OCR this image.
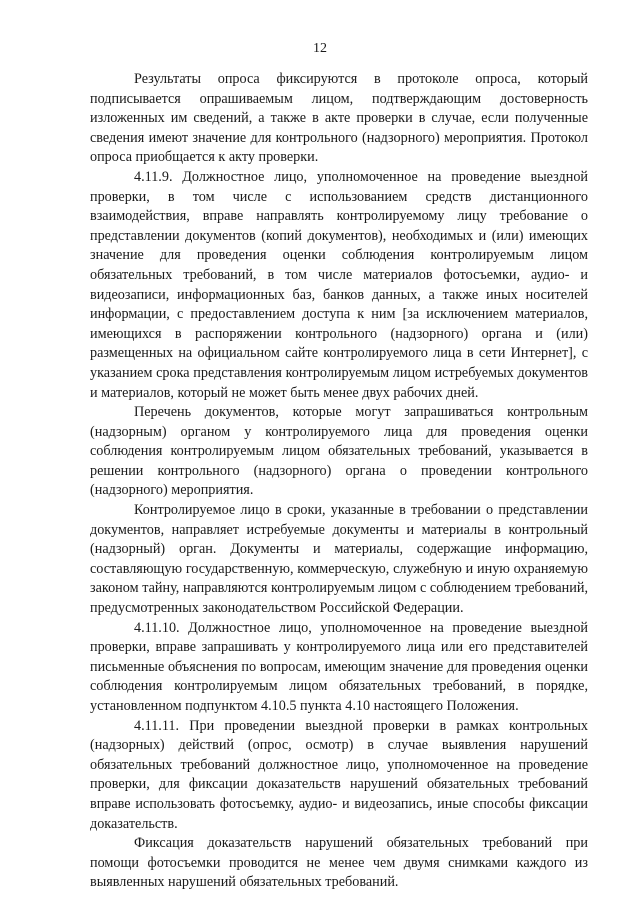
12

Результаты опроса фиксируются в протоколе опроса, который подписывается опрашиваемым лицом, подтверждающим достоверность изложенных им сведений, а также в акте проверки в случае, если полученные сведения имеют значение для контрольного (надзорного) мероприятия. Протокол опроса приобщается к акту проверки.

4.11.9. Должностное лицо, уполномоченное на проведение выездной проверки, в том числе с использованием средств дистанционного взаимодействия, вправе направлять контролируемому лицу требование о представлении документов (копий документов), необходимых и (или) имеющих значение для проведения оценки соблюдения контролируемым лицом обязательных требований, в том числе материалов фотосъемки, аудио- и видеозаписи, информационных баз, банков данных, а также иных носителей информации, с предоставлением доступа к ним [за исключением материалов, имеющихся в распоряжении контрольного (надзорного) органа и (или) размещенных на официальном сайте контролируемого лица в сети Интернет], с указанием срока представления контролируемым лицом истребуемых документов и материалов, который не может быть менее двух рабочих дней.

Перечень документов, которые могут запрашиваться контрольным (надзорным) органом у контролируемого лица для проведения оценки соблюдения контролируемым лицом обязательных требований, указывается в решении контрольного (надзорного) органа о проведении контрольного (надзорного) мероприятия.

Контролируемое лицо в сроки, указанные в требовании о представлении документов, направляет истребуемые документы и материалы в контрольный (надзорный) орган. Документы и материалы, содержащие информацию, составляющую государственную, коммерческую, служебную и иную охраняемую законом тайну, направляются контролируемым лицом с соблюдением требований, предусмотренных законодательством Российской Федерации.

4.11.10. Должностное лицо, уполномоченное на проведение выездной проверки, вправе запрашивать у контролируемого лица или его представителей письменные объяснения по вопросам, имеющим значение для проведения оценки соблюдения контролируемым лицом обязательных требований, в порядке, установленном подпунктом 4.10.5 пункта 4.10 настоящего Положения.

4.11.11. При проведении выездной проверки в рамках контрольных (надзорных) действий (опрос, осмотр) в случае выявления нарушений обязательных требований должностное лицо, уполномоченное на проведение проверки, для фиксации доказательств нарушений обязательных требований вправе использовать фотосъемку, аудио- и видеозапись, иные способы фиксации доказательств.

Фиксация доказательств нарушений обязательных требований при помощи фотосъемки проводится не менее чем двумя снимками каждого из выявленных нарушений обязательных требований.
